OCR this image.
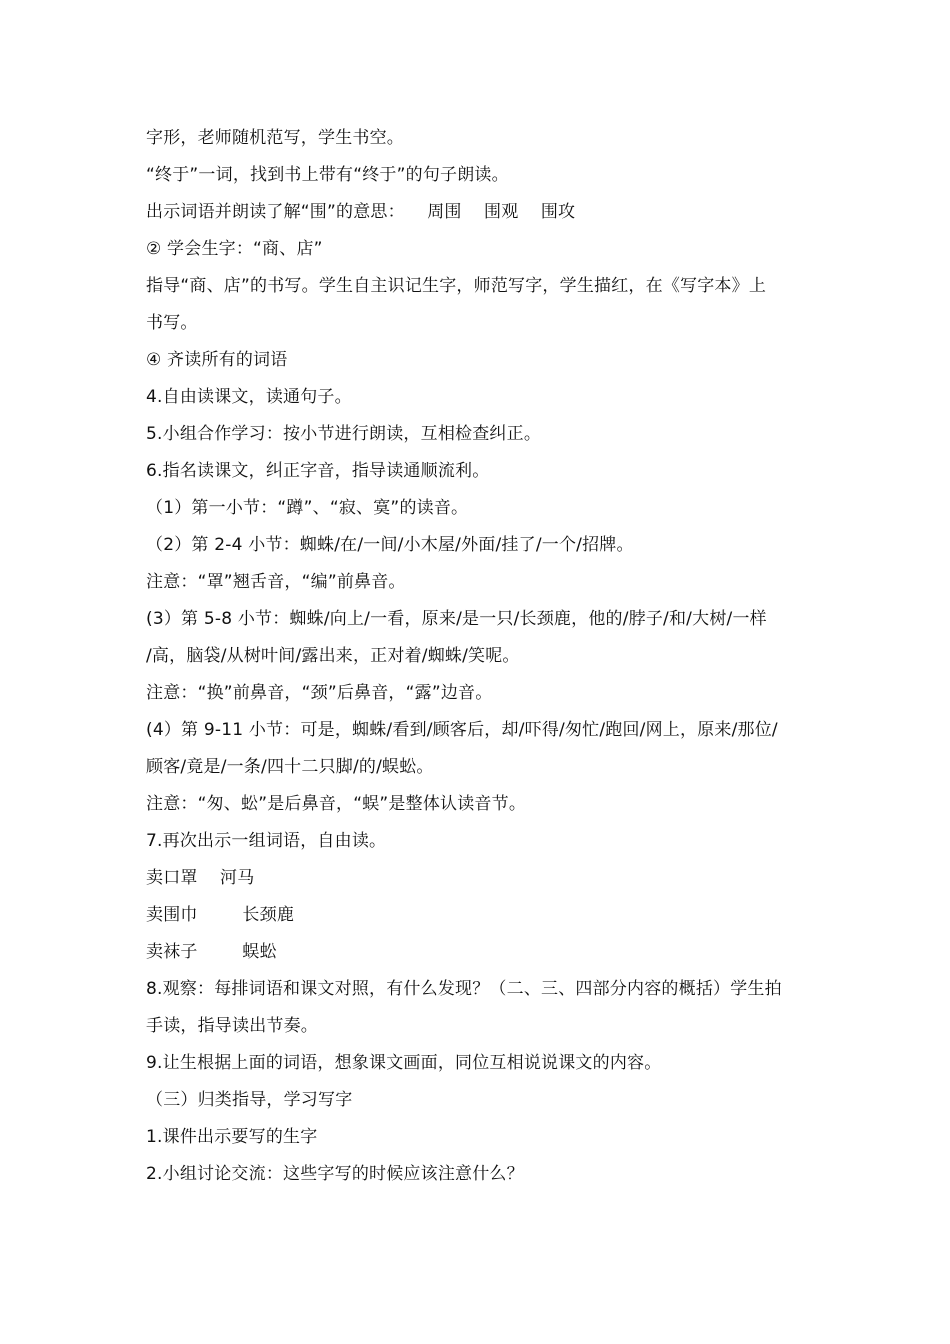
字形，老师随机范写，学生书空。
“终于”一词，找到书上带有“终于”的句子朗读。
出示词语并朗读了解“围”的意思：    周围    围观    围攻
② 学会生字：“商、店”
指导“商、店”的书写。学生自主识记生字，师范写字，学生描红，在《写字本》上
书写。
④ 齐读所有的词语
4.自由读课文，读通句子。
5.小组合作学习：按小节进行朗读，互相检查纠正。
6.指名读课文，纠正字音，指导读通顺流利。
（1）第一小节：“蹲”、“寂、寞”的读音。
（2）第 2-4 小节：蜘蛛/在/一间/小木屋/外面/挂了/一个/招牌。
注意：“罩”翘舌音，“编”前鼻音。
(3）第 5-8 小节：蜘蛛/向上/一看，原来/是一只/长颈鹿，他的/脖子/和/大树/一样
/高，脑袋/从树叶间/露出来，正对着/蜘蛛/笑呢。
注意：“换”前鼻音，“颈”后鼻音，“露”边音。
(4）第 9-11 小节：可是，蜘蛛/看到/顾客后，却/吓得/匆忙/跑回/网上，原来/那位/
顾客/竟是/一条/四十二只脚/的/蜈蚣。
注意：“匆、蚣”是后鼻音，“蜈”是整体认读音节。
7.再次出示一组词语，自由读。
卖口罩    河马
卖围巾        长颈鹿
卖袜子        蜈蚣
8.观察：每排词语和课文对照，有什么发现？（二、三、四部分内容的概括）学生拍
手读，指导读出节奏。
9.让生根据上面的词语，想象课文画面，同位互相说说课文的内容。
（三）归类指导，学习写字
1.课件出示要写的生字
2.小组讨论交流：这些字写的时候应该注意什么？
